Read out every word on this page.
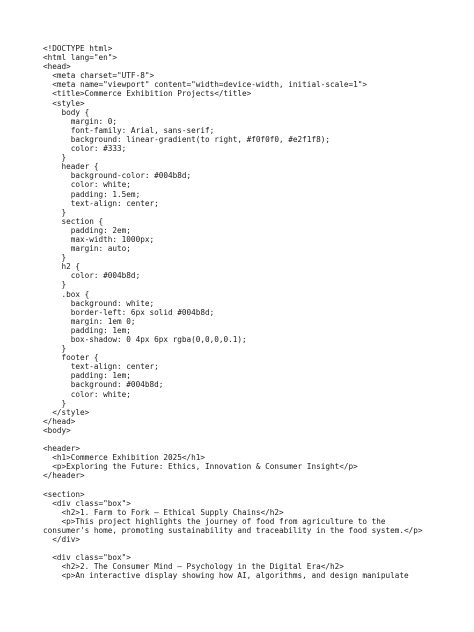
<!DOCTYPE html>
<html lang="en">
<head>
<meta charset="UTF-8">
<meta name="viewport" content="width=device-width, initial-scale=1">
<title>Commerce Exhibition Projects</title>
<style>
body {
margin: 0;
font-family: Arial, sans-serif;
background: linear-gradient(to right, #f0f0f0, #e2f1f8);
color: #333;
}
header {
background-color: #004b8d;
color: white;
padding: 1.5em;
text-align: center;
}
section {
padding: 2em;
max-width: 1000px;
margin: auto;
}
h2 {
color: #004b8d;
}
.box {
background: white;
border-left: 6px solid #004b8d;
margin: 1em 0;
padding: 1em;
box-shadow: 0 4px 6px rgba(0,0,0,0.1);
}
footer {
text-align: center;
padding: 1em;
background: #004b8d;
color: white;
}
</style>
</head>
<body>
<header>
<h1>Commerce Exhibition 2025</h1>
<p>Exploring the Future: Ethics, Innovation & Consumer Insight</p>
</header>
<section>
<div class="box">
<h2>1. Farm to Fork – Ethical Supply Chains</h2>
<p>This project highlights the journey of food from agriculture to the
consumer's home, promoting sustainability and traceability in the food system.</p>
</div>
<div class="box">
<h2>2. The Consumer Mind – Psychology in the Digital Era</h2>
<p>An interactive display showing how AI, algorithms, and design manipulate
